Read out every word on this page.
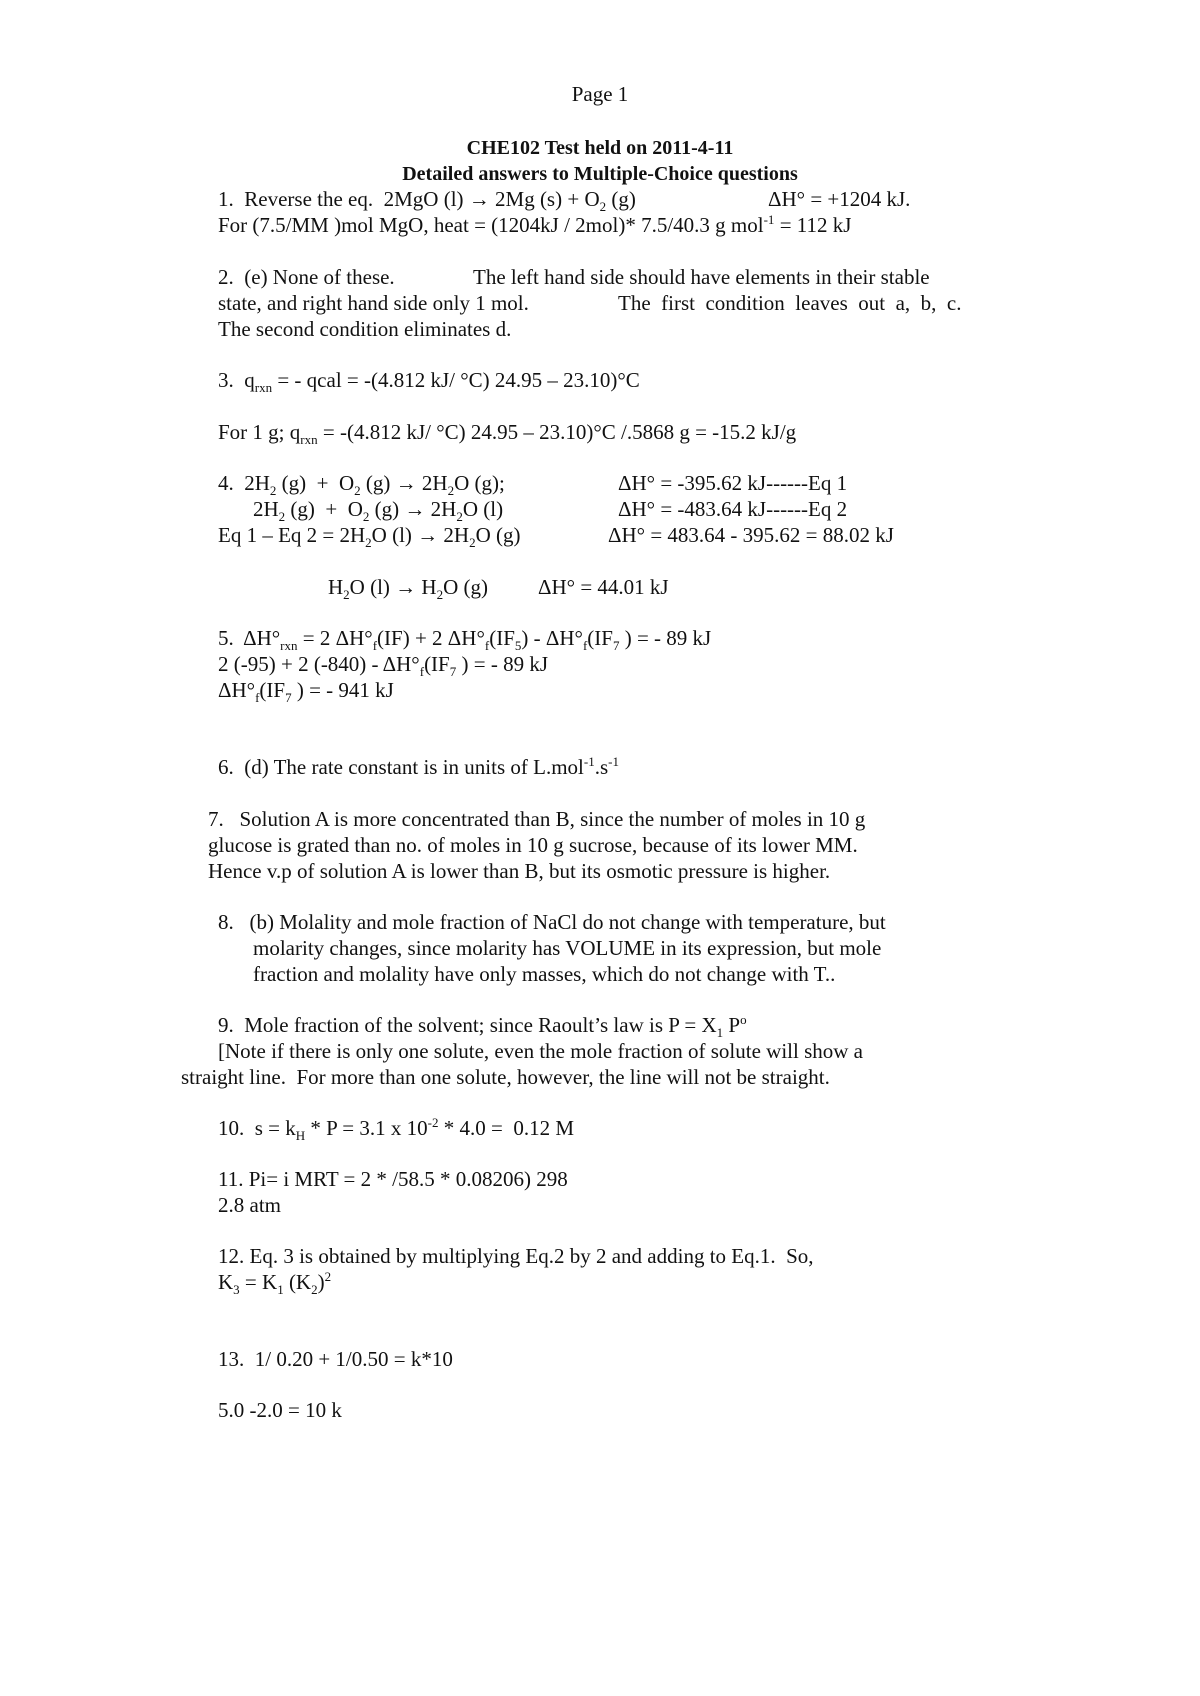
Page 1
CHE102 Test held on 2011-4-11
Detailed answers to Multiple-Choice questions
1.  Reverse the eq.  2MgO (l) → 2Mg $(s) + O_2$ (g)	ΔH° = +1204 kJ.
For (7.5/MM )mol MgO, heat = (1204kJ / 2mol)* 7.5/40.3 g mol$^{-1}$ = 112 kJ
2.  (e) None of these.	The left hand side should have elements in their stable
state, and right hand side only 1 mol.	The  first  condition  leaves  out  a,  b,  c.
The second condition eliminates d.
3.  $q_{rxn}$ = - qcal = -(4.812 kJ/ °C) 24.95 – 23.10)°C
For 1 g; $q_{rxn} = -(4.812$ kJ/ °C) 24.95 – 23.10)°C /.5868 g = -15.2 kJ/g
4.  $2H_2$ $(g) + O_2$ $(g) \to 2H_2O$ (g);	ΔH° = -395.62 kJ------Eq 1
$2H_2$ $(g) + O_2$ $(g) \to 2H_2O$ (l)	ΔH° = -483.64 kJ------Eq 2
Eq 1 – Eq $2 = 2H_2O$ $(l) \to 2H_2O$ (g)	ΔH° = 483.64 - 395.62 = 88.02 kJ
$H_2O$ $(l) \to H_2O$ (g) ΔH° = 44.01 kJ
5.  $\Delta H^\circ_{rxn} = 2$ $\Delta H^\circ_f(IF) + 2$ $\Delta H^\circ_f(IF_5) - \Delta H^\circ_f(IF_7$ ) = - 89 kJ
2 (-95) + 2 $(-840) - \Delta H^\circ_f(IF_7$ ) = - 89 kJ
$\Delta H^\circ_f(IF_7$ ) = - 941 kJ
6.  (d) The rate constant is in units of $L.mol^{-1}.s^{-1}$
7.   Solution A is more concentrated than B, since the number of moles in 10 g
glucose is grated than no. of moles in 10 g sucrose, because of its lower MM.
Hence v.p of solution A is lower than B, but its osmotic pressure is higher.
8.   (b) Molality and mole fraction of NaCl do not change with temperature, but
molarity changes, since molarity has VOLUME in its expression, but mole
fraction and molality have only masses, which do not change with T..
9.  Mole fraction of the solvent; since Raoult’s law is $P = X_1$ $P^o$
[Note if there is only one solute, even the mole fraction of solute will show a
straight line.  For more than one solute, however, the line will not be straight.
10.  $s = k_H * P = 3.1$ x $10^{-2} * 4.0 = 0.12$ M
11. Pi= i MRT = 2 * /58.5 * 0.08206) 298
2.8 atm
12. Eq. 3 is obtained by multiplying Eq.2 by 2 and adding to Eq.1.  So,
$K_3 = K_1$ $(K_2)^2$
13.  1/ 0.20 + 1/0.50 = k*10
5.0 -2.0 = 10 k
